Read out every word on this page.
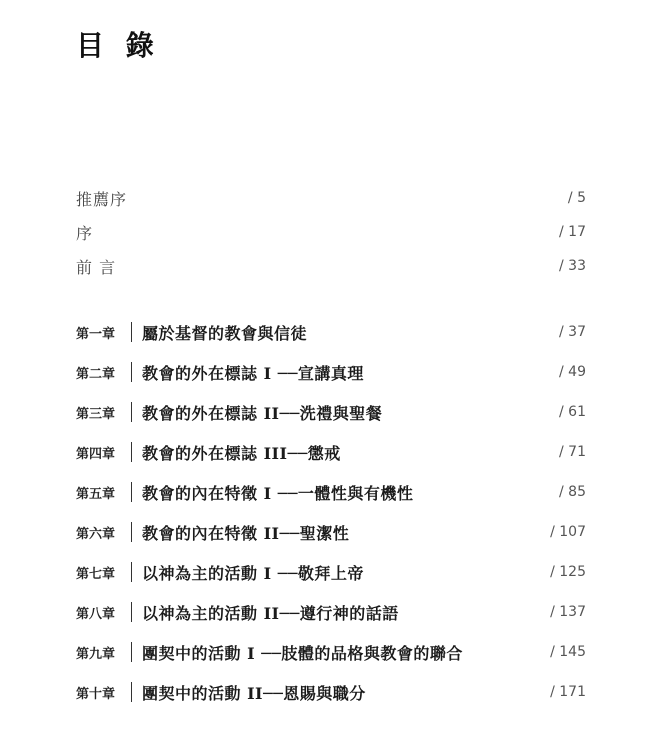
目 錄
推薦序	/ 5
序	/ 17
前 言	/ 33
第一章	屬於基督的教會與信徒	/ 37
第二章	教會的外在標誌 I ──宣講真理	/ 49
第三章	教會的外在標誌 II──洗禮與聖餐	/ 61
第四章	教會的外在標誌 III──懲戒	/ 71
第五章	教會的內在特徵 I ──一體性與有機性	/ 85
第六章	教會的內在特徵 II──聖潔性	/ 107
第七章	以神為主的活動 I ──敬拜上帝	/ 125
第八章	以神為主的活動 II──遵行神的話語	/ 137
第九章	團契中的活動 I ──肢體的品格與教會的聯合	/ 145
第十章	團契中的活動 II──恩賜與職分	/ 171
